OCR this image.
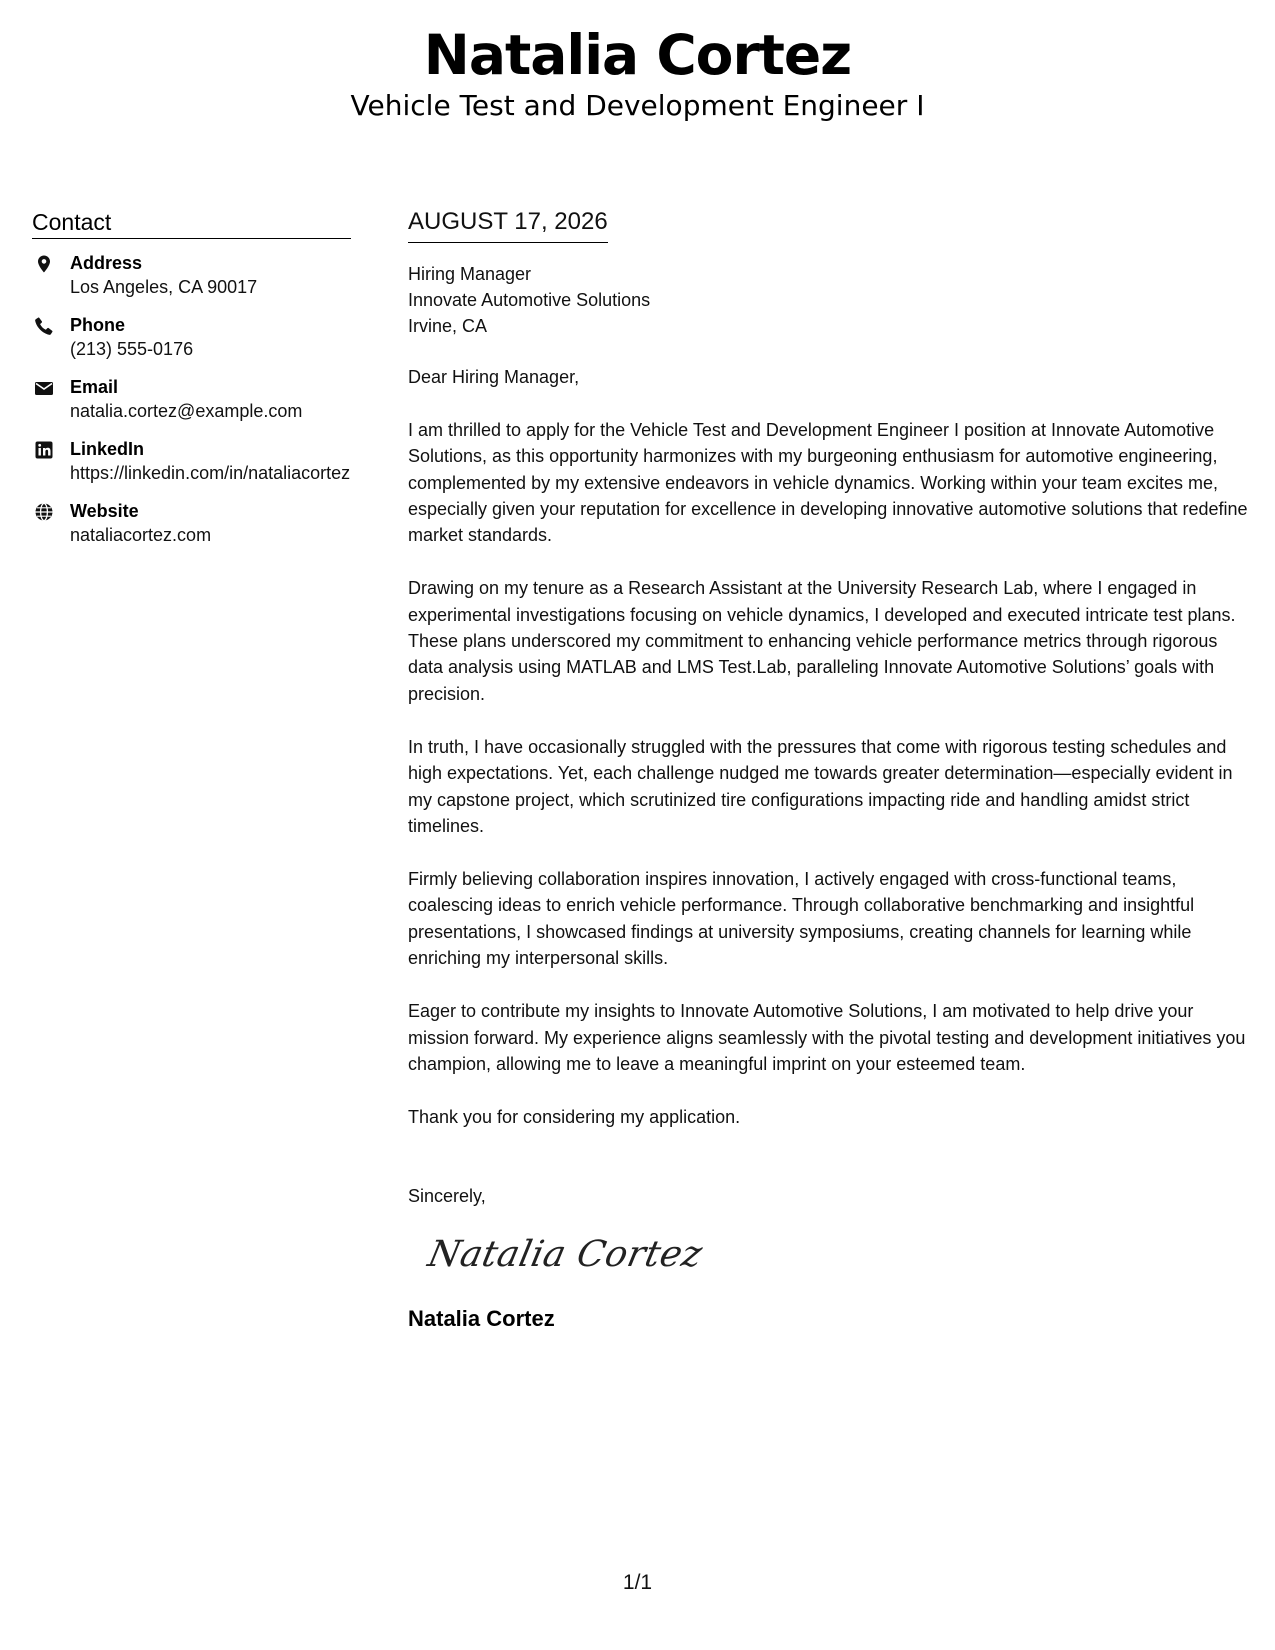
Natalia Cortez
Vehicle Test and Development Engineer I
Contact
Address
Los Angeles, CA 90017
Phone
(213) 555-0176
Email
natalia.cortez@example.com
LinkedIn
https://linkedin.com/in/nataliacortez
Website
nataliacortez.com
AUGUST 17, 2026
Hiring Manager
Innovate Automotive Solutions
Irvine, CA
Dear Hiring Manager,
I am thrilled to apply for the Vehicle Test and Development Engineer I position at Innovate Automotive Solutions, as this opportunity harmonizes with my burgeoning enthusiasm for automotive engineering, complemented by my extensive endeavors in vehicle dynamics. Working within your team excites me, especially given your reputation for excellence in developing innovative automotive solutions that redefine market standards.
Drawing on my tenure as a Research Assistant at the University Research Lab, where I engaged in experimental investigations focusing on vehicle dynamics, I developed and executed intricate test plans. These plans underscored my commitment to enhancing vehicle performance metrics through rigorous data analysis using MATLAB and LMS Test.Lab, paralleling Innovate Automotive Solutions’ goals with precision.
In truth, I have occasionally struggled with the pressures that come with rigorous testing schedules and high expectations. Yet, each challenge nudged me towards greater determination—especially evident in my capstone project, which scrutinized tire configurations impacting ride and handling amidst strict timelines.
Firmly believing collaboration inspires innovation, I actively engaged with cross-functional teams, coalescing ideas to enrich vehicle performance. Through collaborative benchmarking and insightful presentations, I showcased findings at university symposiums, creating channels for learning while enriching my interpersonal skills.
Eager to contribute my insights to Innovate Automotive Solutions, I am motivated to help drive your mission forward. My experience aligns seamlessly with the pivotal testing and development initiatives you champion, allowing me to leave a meaningful imprint on your esteemed team.
Thank you for considering my application.
Sincerely,
Natalia Cortez
Natalia Cortez
1/1
